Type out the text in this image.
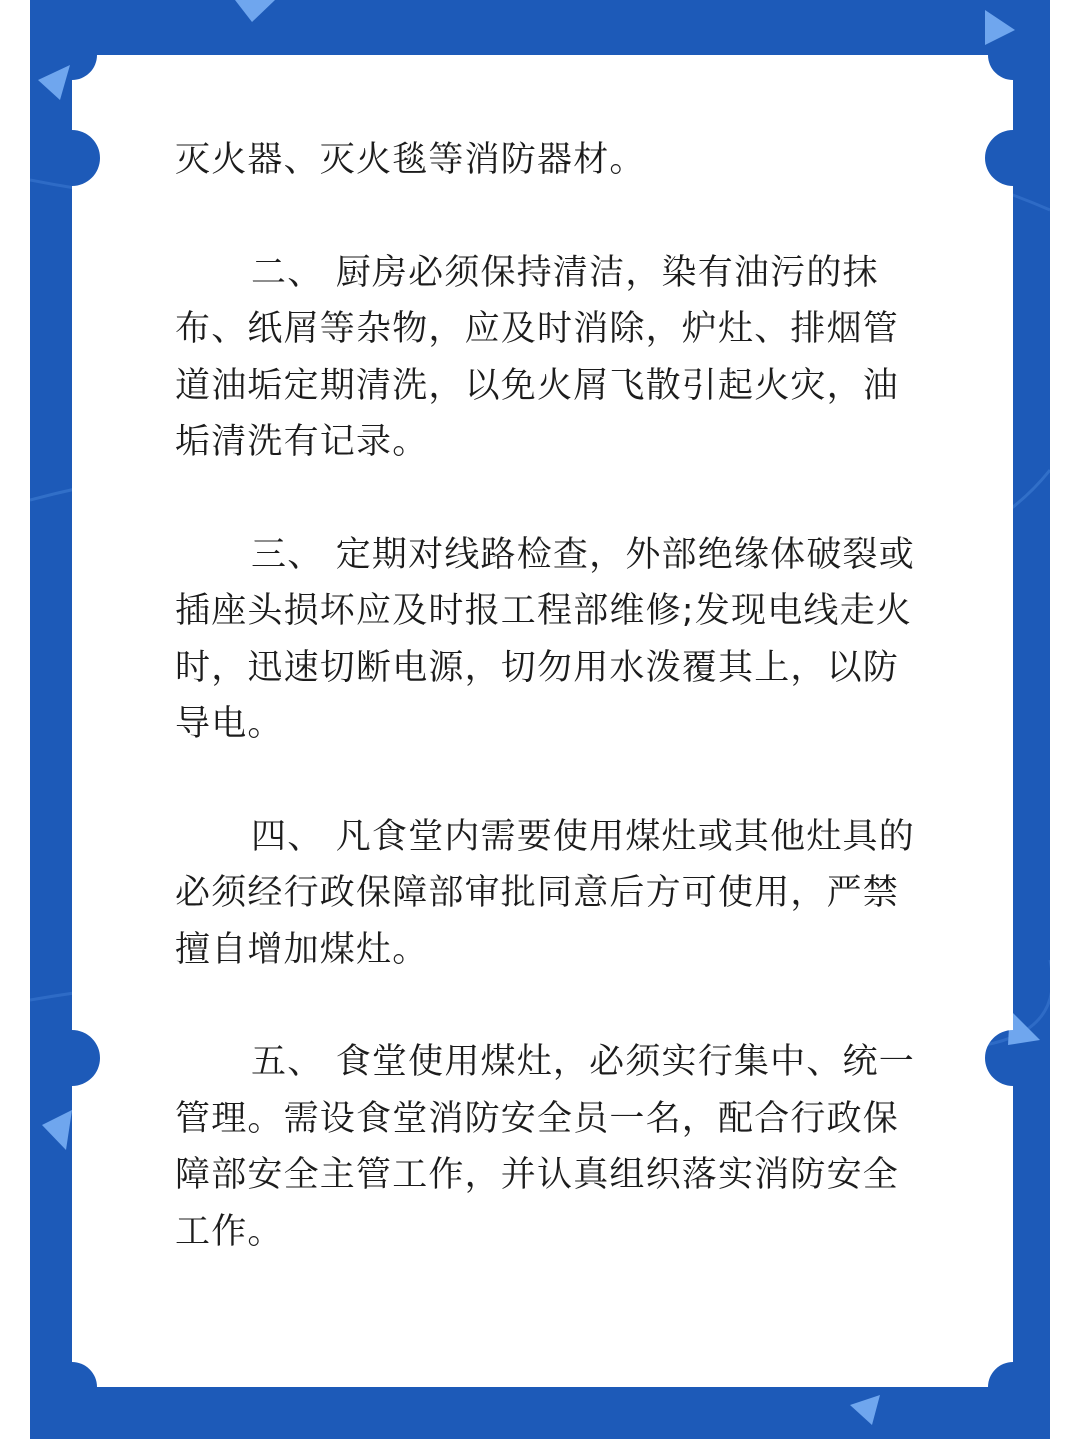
灭火器、灭火毯等消防器材。

二、 厨房必须保持清洁，染有油污的抹布、纸屑等杂物，应及时消除，炉灶、排烟管道油垢定期清洗，以免火屑飞散引起火灾，油垢清洗有记录。

三、 定期对线路检查，外部绝缘体破裂或插座头损坏应及时报工程部维修;发现电线走火时，迅速切断电源，切勿用水泼覆其上，以防导电。

四、 凡食堂内需要使用煤灶或其他灶具的必须经行政保障部审批同意后方可使用，严禁擅自增加煤灶。

五、 食堂使用煤灶，必须实行集中、统一管理。需设食堂消防安全员一名，配合行政保障部安全主管工作，并认真组织落实消防安全工作。
